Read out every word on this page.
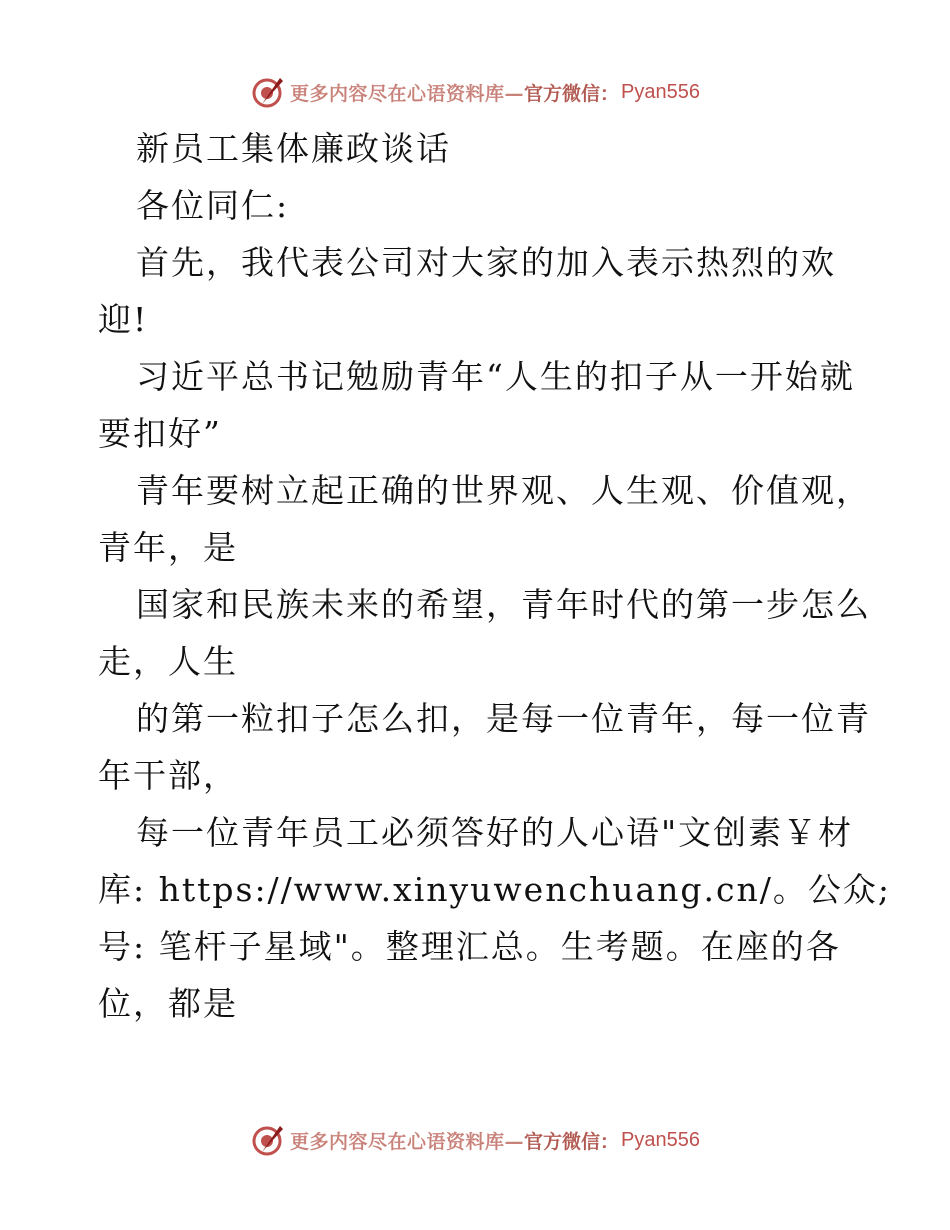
更多内容尽在心语资料库— 官方微信： Pyan556
新员工集体廉政谈话
各位同仁:
首先，我代表公司对大家的加入表示热烈的欢
迎!
习近平总书记勉励青年“人生的扣子从一开始就
要扣好”
青年要树立起正确的世界观、人生观、价值观，
青年，是
国家和民族未来的希望，青年时代的第一步怎么
走，人生
的第一粒扣子怎么扣，是每一位青年，每一位青
年干部，
每一位青年员工必须答好的人心语"文创素￥材
库: https://www.xinyuwenchuang.cn/。公众;
号: 笔杆子星域"。整理汇总。生考题。在座的各
位，都是
更多内容尽在心语资料库— 官方微信： Pyan556
